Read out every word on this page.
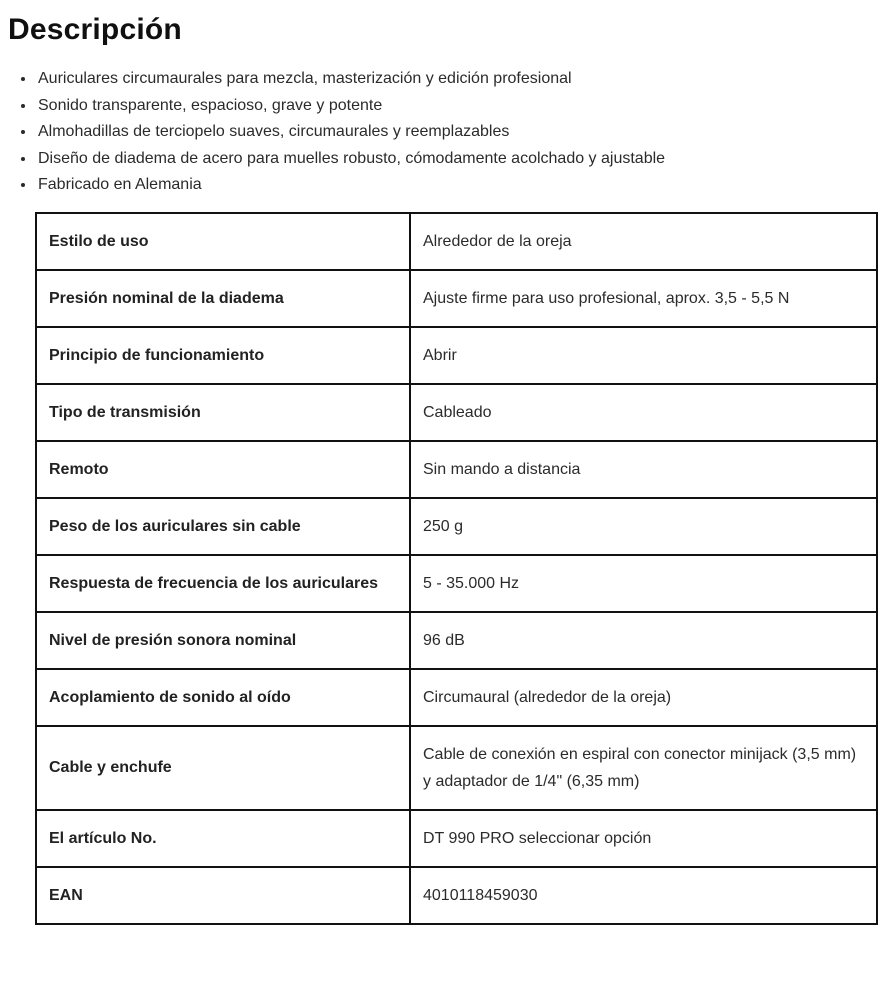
Descripción
• Auriculares circumaurales para mezcla, masterización y edición profesional
• Sonido transparente, espacioso, grave y potente
• Almohadillas de terciopelo suaves, circumaurales y reemplazables
• Diseño de diadema de acero para muelles robusto, cómodamente acolchado y ajustable
• Fabricado en Alemania
Estilo de uso	Alrededor de la oreja
Presión nominal de la diadema	Ajuste firme para uso profesional, aprox. 3,5 - 5,5 N
Principio de funcionamiento	Abrir
Tipo de transmisión	Cableado
Remoto	Sin mando a distancia
Peso de los auriculares sin cable	250 g
Respuesta de frecuencia de los auriculares	5 - 35.000 Hz
Nivel de presión sonora nominal	96 dB
Acoplamiento de sonido al oído	Circumaural (alrededor de la oreja)
Cable y enchufe	Cable de conexión en espiral con conector minijack (3,5 mm) y adaptador de 1/4" (6,35 mm)
El artículo No.	DT 990 PRO seleccionar opción
EAN	4010118459030
